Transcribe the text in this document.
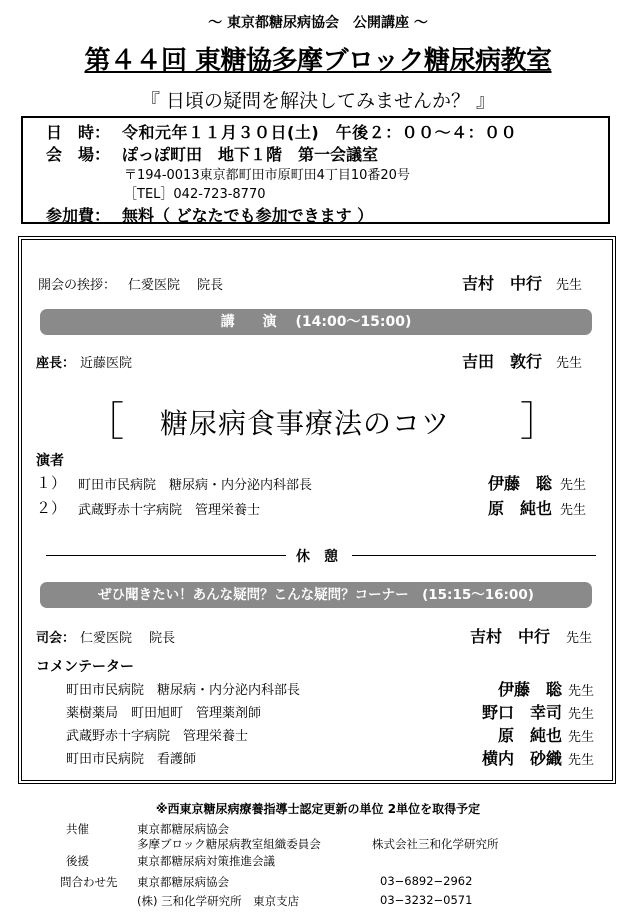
～ 東京都糖尿病協会　公開講座 ～
第４４回 東糖協多摩ブロック糖尿病教室
『 日頃の疑問を解決してみませんか？ 』
日　時： 令和元年１１月３０日(土)　午後２：００～４：００
会　場： ぽっぽ町田　地下１階　第一会議室
〒194-0013東京都町田市原町田4丁目10番20号
［TEL］042-723-8770
参加費： 無料（ どなたでも参加できます ）
開会の挨拶： 仁愛医院　 院長	吉村　中行 先生
講　　演　 (14:00～15:00)
座長： 近藤医院	吉田　敦行 先生
［ 糖尿病食事療法のコツ ］
演者
１） 町田市民病院　糖尿病・内分泌内科部長	伊藤　聡 先生
２） 武蔵野赤十字病院　管理栄養士	原　純也 先生
休　憩
ぜひ聞きたい！あんな疑問？こんな疑問？コーナー　(15:15～16:00)
司会： 仁愛医院　 院長	吉村　中行 先生
コメンテーター
町田市民病院　糖尿病・内分泌内科部長	伊藤　聡 先生
薬樹薬局　町田旭町　管理薬剤師	野口　幸司 先生
武蔵野赤十字病院　管理栄養士	原　純也 先生
町田市民病院　看護師	横内　砂織 先生
※西東京糖尿病療養指導士認定更新の単位 2単位を取得予定
共催	東京都糖尿病協会
多摩ブロック糖尿病教室組織委員会	株式会社三和化学研究所
後援	東京都糖尿病対策推進会議
問合わせ先 東京都糖尿病協会	03−6892−2962
(株) 三和化学研究所　東京支店	03−3232−0571
